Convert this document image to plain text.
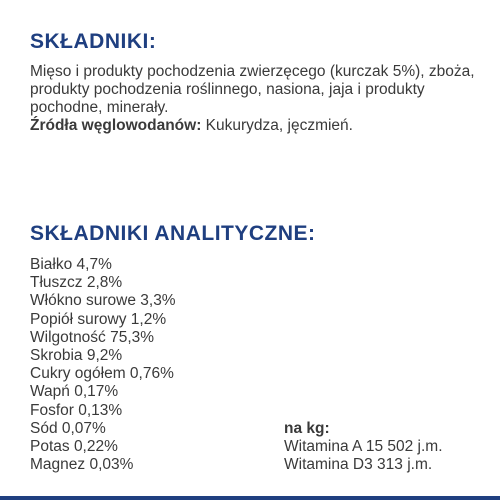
SKŁADNIKI:

Mięso i produkty pochodzenia zwierzęcego (kurczak 5%), zboża, produkty pochodzenia roślinnego, nasiona, jaja i produkty pochodne, minerały.

Źródła węglowodanów: Kukurydza, jęczmień.

SKŁADNIKI ANALITYCZNE:
Białko 4,7%
Tłuszcz 2,8%
Włókno surowe 3,3%
Popiół surowy 1,2%
Wilgotność 75,3%
Skrobia 9,2%
Cukry ogółem 0,76%
Wapń 0,17%
Fosfor 0,13%
Sód 0,07%
Potas 0,22%
Magnez 0,03%
na kg:
Witamina A 15 502 j.m.
Witamina D3 313 j.m.
